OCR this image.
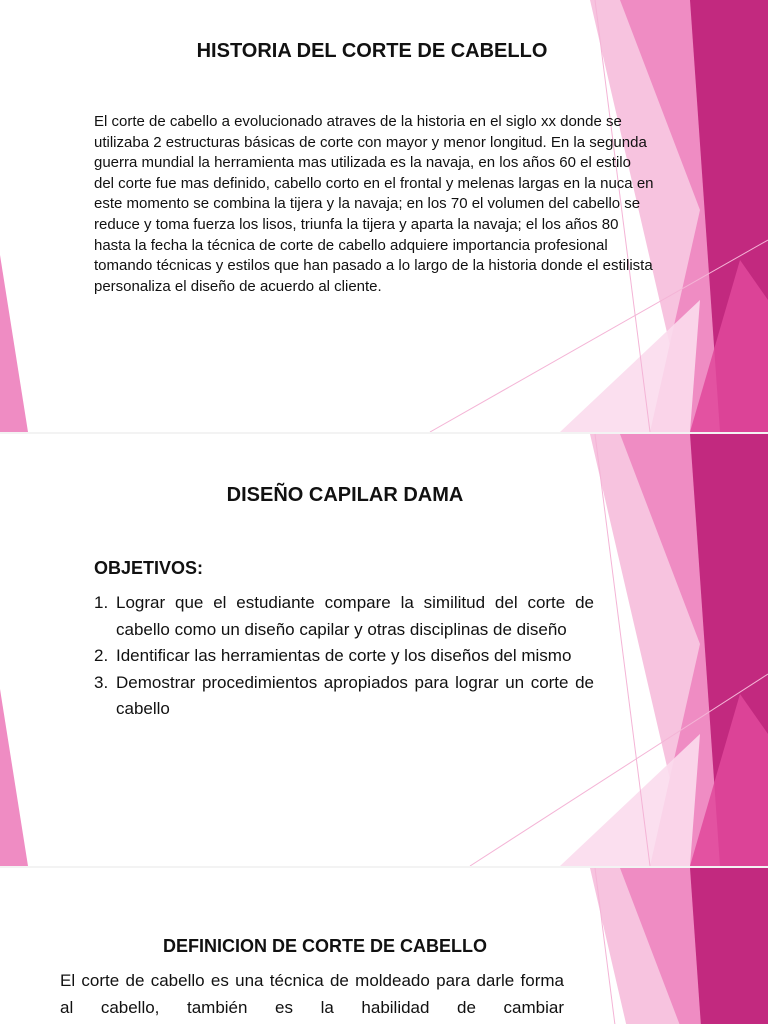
HISTORIA DEL CORTE DE CABELLO

El corte de cabello a evolucionado atraves de la historia en el siglo xx donde se utilizaba 2 estructuras básicas de corte con mayor y menor longitud. En la segunda guerra mundial la herramienta mas utilizada es la navaja, en los años 60 el estilo del corte fue mas definido, cabello corto en el frontal y melenas largas en la nuca en este momento se combina la tijera y la navaja; en los 70 el volumen del cabello se reduce y toma fuerza los lisos, triunfa la tijera y aparta la navaja; el los años 80 hasta la fecha la técnica de corte de cabello adquiere importancia profesional tomando técnicas y estilos que han pasado a lo largo de la historia donde el estilista personaliza el diseño de acuerdo al cliente.

DISEÑO CAPILAR DAMA

OBJETIVOS:

1. Lograr que el estudiante compare la similitud del corte de cabello como un diseño capilar y otras disciplinas de diseño
2. Identificar las herramientas de corte y los diseños del mismo
3. Demostrar procedimientos apropiados para lograr un corte de cabello
DEFINICION DE CORTE DE CABELLO

El corte de cabello es una técnica de moldeado para darle forma al cabello, también es la habilidad de cambiar
